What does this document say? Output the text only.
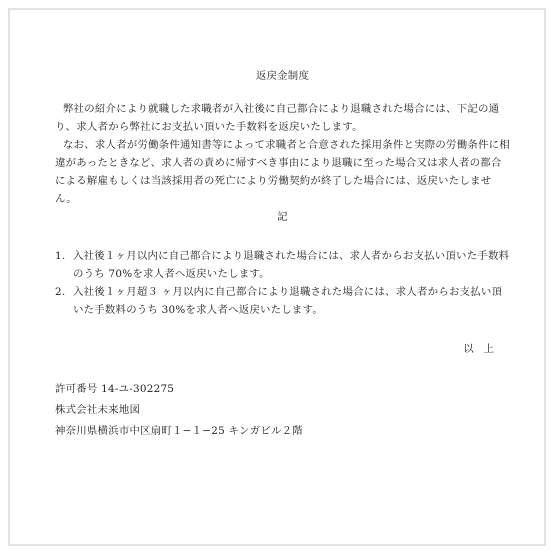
返戻金制度

弊社の紹介により就職した求職者が入社後に自己都合により退職された場合には、下記の通り、求人者から弊社にお支払い頂いた手数料を返戻いたします。

なお、求人者が労働条件通知書等によって求職者と合意された採用条件と実際の労働条件に相違があったときなど、求人者の責めに帰すべき事由により退職に至った場合又は求人者の都合による解雇もしくは当該採用者の死亡により労働契約が終了した場合には、返戻いたしません。

記

1. 入社後１ヶ月以内に自己都合により退職された場合には、求人者からお支払い頂いた手数料のうち 70%を求人者へ返戻いたします。
2. 入社後１ヶ月超３ ヶ月以内に自己都合により退職された場合には、求人者からお支払い頂いた手数料のうち 30%を求人者へ返戻いたします。

以上

許可番号 14-ユ-302275

株式会社未来地図

神奈川県横浜市中区扇町１−１−25 キンガビル２階
